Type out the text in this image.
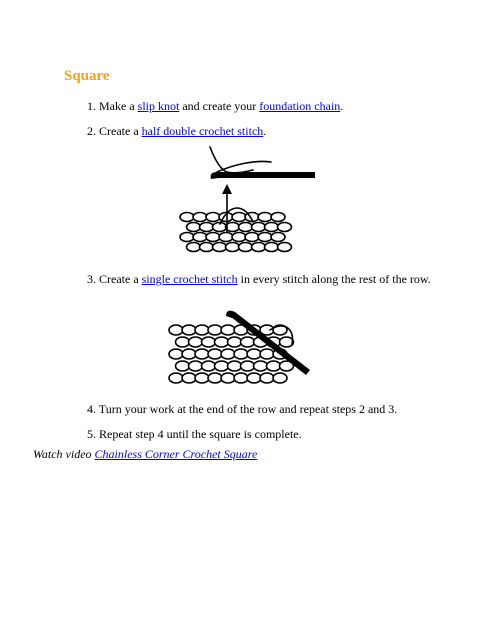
Square
1. Make a slip knot and create your foundation chain.
2. Create a half double crochet stitch.
3. Create a single crochet stitch in every stitch along the rest of the row.
4. Turn your work at the end of the row and repeat steps 2 and 3.
5. Repeat step 4 until the square is complete.
Watch video Chainless Corner Crochet Square
